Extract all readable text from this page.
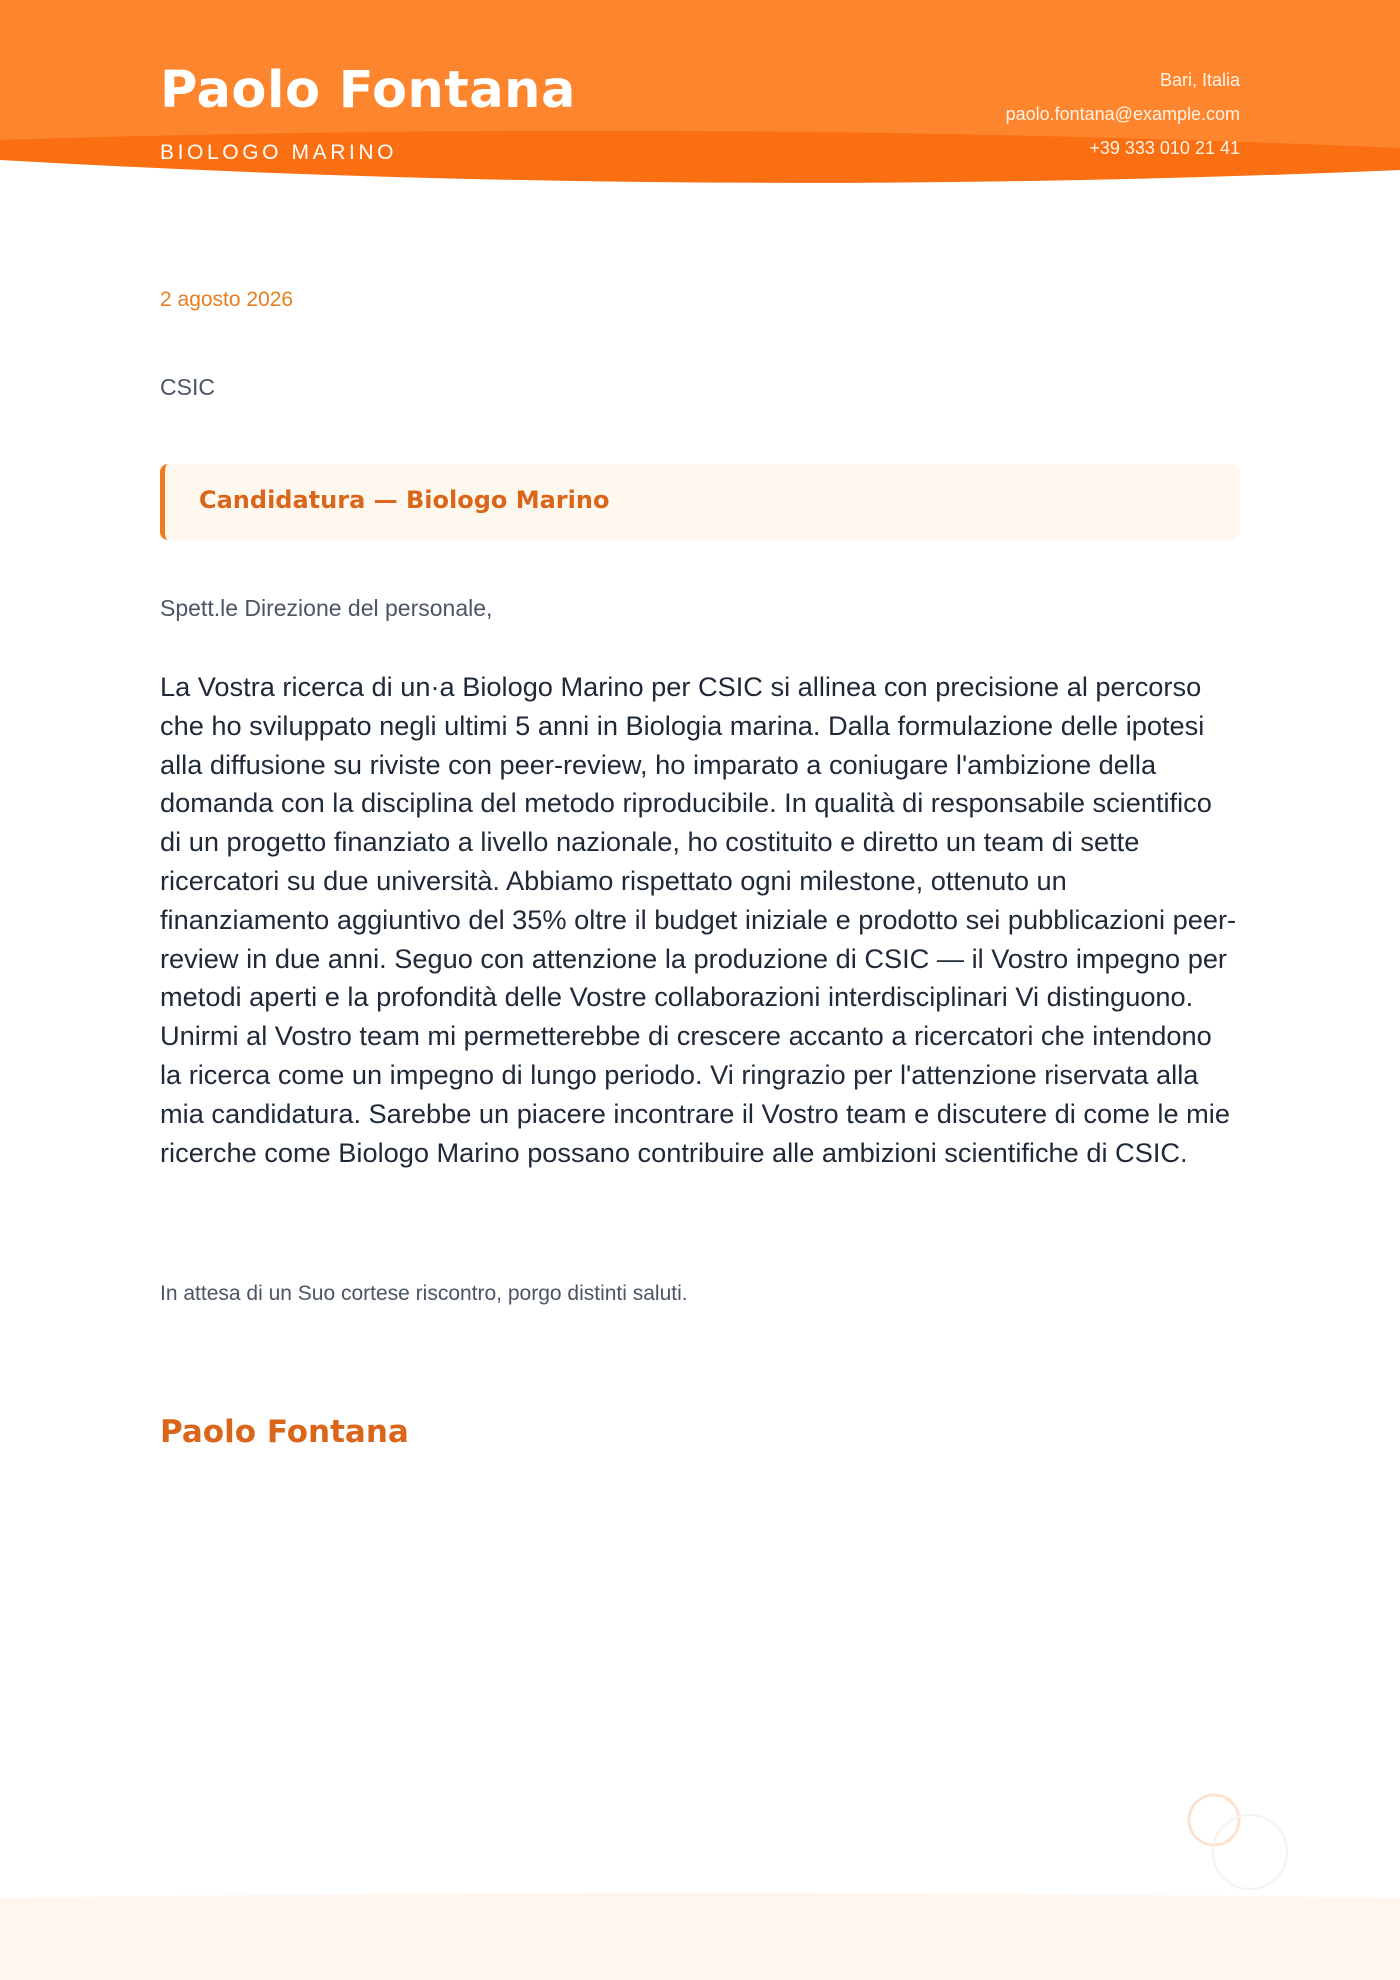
Paolo Fontana
BIOLOGO MARINO
Bari, Italia
paolo.fontana@example.com
+39 333 010 21 41
2 agosto 2026
CSIC
Candidatura — Biologo Marino
Spett.le Direzione del personale,

La Vostra ricerca di un·a Biologo Marino per CSIC si allinea con precisione al percorso che ho sviluppato negli ultimi 5 anni in Biologia marina. Dalla formulazione delle ipotesi alla diffusione su riviste con peer-review, ho imparato a coniugare l'ambizione della domanda con la disciplina del metodo riproducibile. In qualità di responsabile scientifico di un progetto finanziato a livello nazionale, ho costituito e diretto un team di sette ricercatori su due università. Abbiamo rispettato ogni milestone, ottenuto un finanziamento aggiuntivo del 35% oltre il budget iniziale e prodotto sei pubblicazioni peer-review in due anni. Seguo con attenzione la produzione di CSIC — il Vostro impegno per metodi aperti e la profondità delle Vostre collaborazioni interdisciplinari Vi distinguono. Unirmi al Vostro team mi permetterebbe di crescere accanto a ricercatori che intendono la ricerca come un impegno di lungo periodo. Vi ringrazio per l'attenzione riservata alla mia candidatura. Sarebbe un piacere incontrare il Vostro team e discutere di come le mie ricerche come Biologo Marino possano contribuire alle ambizioni scientifiche di CSIC.

In attesa di un Suo cortese riscontro, porgo distinti saluti.
Paolo Fontana
